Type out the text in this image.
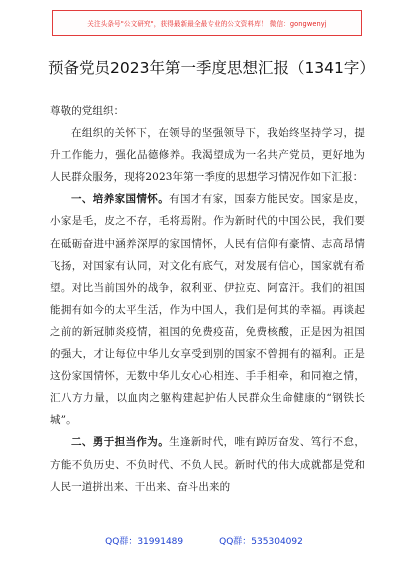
关注头条号"公文研究"，获得最新最全最专业的公文资料库！ 微信：gongwenyj
预备党员2023年第一季度思想汇报（1341字）

尊敬的党组织：

在组织的关怀下，在领导的坚强领导下，我始终坚持学习，提升工作能力，强化品德修养。我渴望成为一名共产党员，更好地为人民群众服务，现将2023年第一季度的思想学习情况作如下汇报：

一、培养家国情怀。有国才有家，国泰方能民安。国家是皮，小家是毛，皮之不存，毛将焉附。作为新时代的中国公民，我们要在砥砺奋进中涵养深厚的家国情怀，人民有信仰有豪情、志高昂情飞扬，对国家有认同，对文化有底气，对发展有信心，国家就有希望。对比当前国外的战争，叙利亚、伊拉克、阿富汗。我们的祖国能拥有如今的太平生活，作为中国人，我们是何其的幸福。再谈起之前的新冠肺炎疫情，祖国的免费疫苗，免费核酸，正是因为祖国的强大，才让每位中华儿女享受到别的国家不曾拥有的福利。正是这份家国情怀，无数中华儿女心心相连、手手相牵，和同袍之情，汇八方力量，以血肉之躯构建起护佑人民群众生命健康的“钢铁长城”。

二、勇于担当作为。生逢新时代，唯有踔厉奋发、笃行不怠，方能不负历史、不负时代、不负人民。新时代的伟大成就都是党和人民一道拼出来、干出来、奋斗出来的

QQ群：31991489	QQ群：535304092
